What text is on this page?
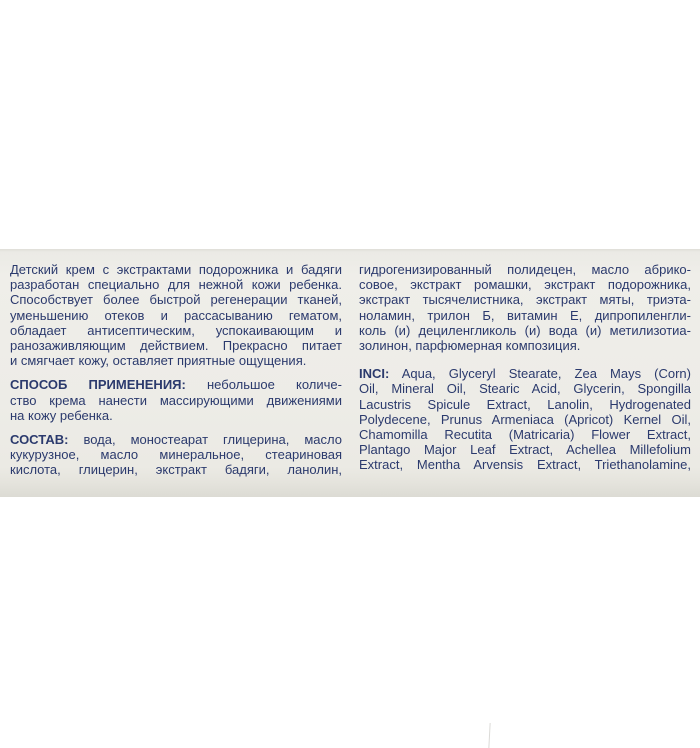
Детский крем с экстрактами подорожника и бадяги
разработан специально для нежной кожи ребенка.
Способствует более быстрой регенерации тканей,
уменьшению отеков и рассасыванию гематом,
обладает антисептическим, успокаивающим и
ранозаживляющим действием. Прекрасно питает
и смягчает кожу, оставляет приятные ощущения.
СПОСОБ ПРИМЕНЕНИЯ: небольшое количе-
ство крема нанести массирующими движениями
на кожу ребенка.
СОСТАВ: вода, моностеарат глицерина, масло
кукурузное, масло минеральное, стеариновая
кислота, глицерин, экстракт бадяги, ланолин,
гидрогенизированный полидецен, масло абрико-
совое, экстракт ромашки, экстракт подорожника,
экстракт тысячелистника, экстракт мяты, триэта-
ноламин, трилон Б, витамин Е, дипропиленгли-
коль (и) дециленгликоль (и) вода (и) метилизотиа-
золинон, парфюмерная композиция.
INCI: Aqua, Glyceryl Stearate, Zea Mays (Corn)
Oil, Mineral Oil, Stearic Acid, Glycerin, Spongilla
Lacustris Spicule Extract, Lanolin, Hydrogenated
Polydecene, Prunus Armeniaca (Apricot) Kernel Oil,
Chamomilla Recutita (Matricaria) Flower Extract,
Plantago Major Leaf Extract, Achellea Millefolium
Extract, Mentha Arvensis Extract, Triethanolamine,
